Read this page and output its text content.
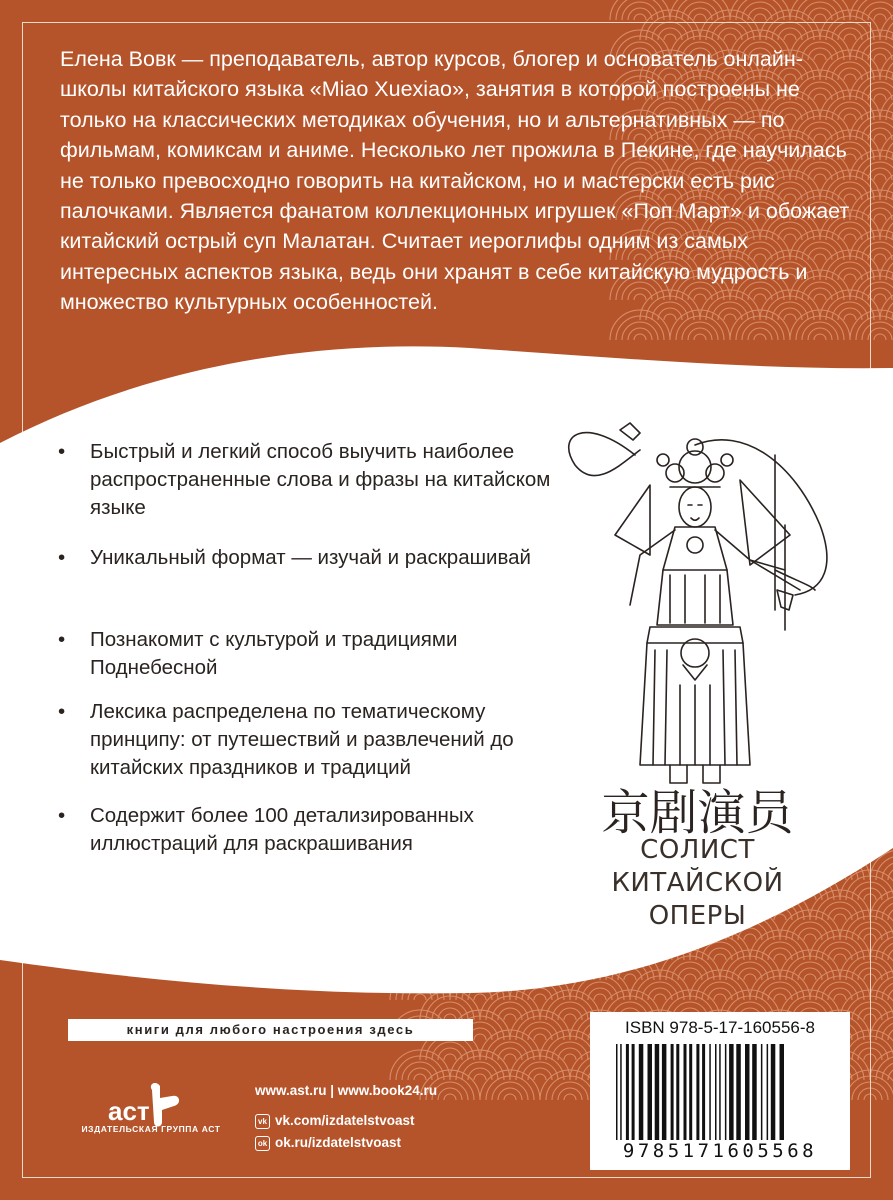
Елена Вовк — преподаватель, автор курсов, блогер и основатель онлайн-школы китайского языка «Miao Xuexiao», занятия в которой построены не только на классических методиках обучения, но и альтернативных — по фильмам, комиксам и аниме. Несколько лет прожила в Пекине, где научилась не только превосходно говорить на китайском, но и мастерски есть рис палочками. Является фанатом коллекционных игрушек «Поп Март» и обожает китайский острый суп Малатан. Считает иероглифы одним из самых интересных аспектов языка, ведь они хранят в себе китайскую мудрость и множество культурных особенностей.

• Быстрый и легкий способ выучить наиболее распространенные слова и фразы на китайском языке
• Уникальный формат — изучай и раскрашивай
• Познакомит с культурой и традициями Поднебесной
• Лексика распределена по тематическому принципу: от путешествий и развлечений до китайских праздников и традиций
• Содержит более 100 детализированных иллюстраций для раскрашивания
京剧演员
СОЛИСТ
КИТАЙСКОЙ
ОПЕРЫ
книги для любого настроения здесь
аст
ИЗДАТЕЛЬСКАЯ ГРУППА АСТ
www.ast.ru | www.book24.ru
vk vk.com/izdatelstvoast
ok ok.ru/izdatelstvoast
ISBN 978-5-17-160556-8
9785171605568
